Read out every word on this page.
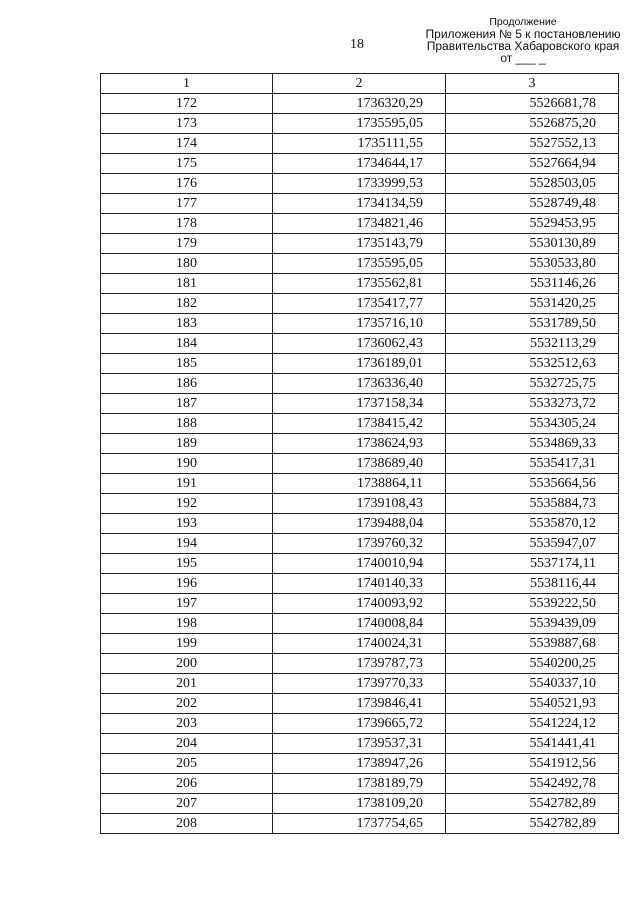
18
Продолжение
Приложения № 5 к постановлению
Правительства Хабаровского края
от ___ _
1	2	3
172	1736320,29	5526681,78
173	1735595,05	5526875,20
174	1735111,55	5527552,13
175	1734644,17	5527664,94
176	1733999,53	5528503,05
177	1734134,59	5528749,48
178	1734821,46	5529453,95
179	1735143,79	5530130,89
180	1735595,05	5530533,80
181	1735562,81	5531146,26
182	1735417,77	5531420,25
183	1735716,10	5531789,50
184	1736062,43	5532113,29
185	1736189,01	5532512,63
186	1736336,40	5532725,75
187	1737158,34	5533273,72
188	1738415,42	5534305,24
189	1738624,93	5534869,33
190	1738689,40	5535417,31
191	1738864,11	5535664,56
192	1739108,43	5535884,73
193	1739488,04	5535870,12
194	1739760,32	5535947,07
195	1740010,94	5537174,11
196	1740140,33	5538116,44
197	1740093,92	5539222,50
198	1740008,84	5539439,09
199	1740024,31	5539887,68
200	1739787,73	5540200,25
201	1739770,33	5540337,10
202	1739846,41	5540521,93
203	1739665,72	5541224,12
204	1739537,31	5541441,41
205	1738947,26	5541912,56
206	1738189,79	5542492,78
207	1738109,20	5542782,89
208	1737754,65	5542782,89
